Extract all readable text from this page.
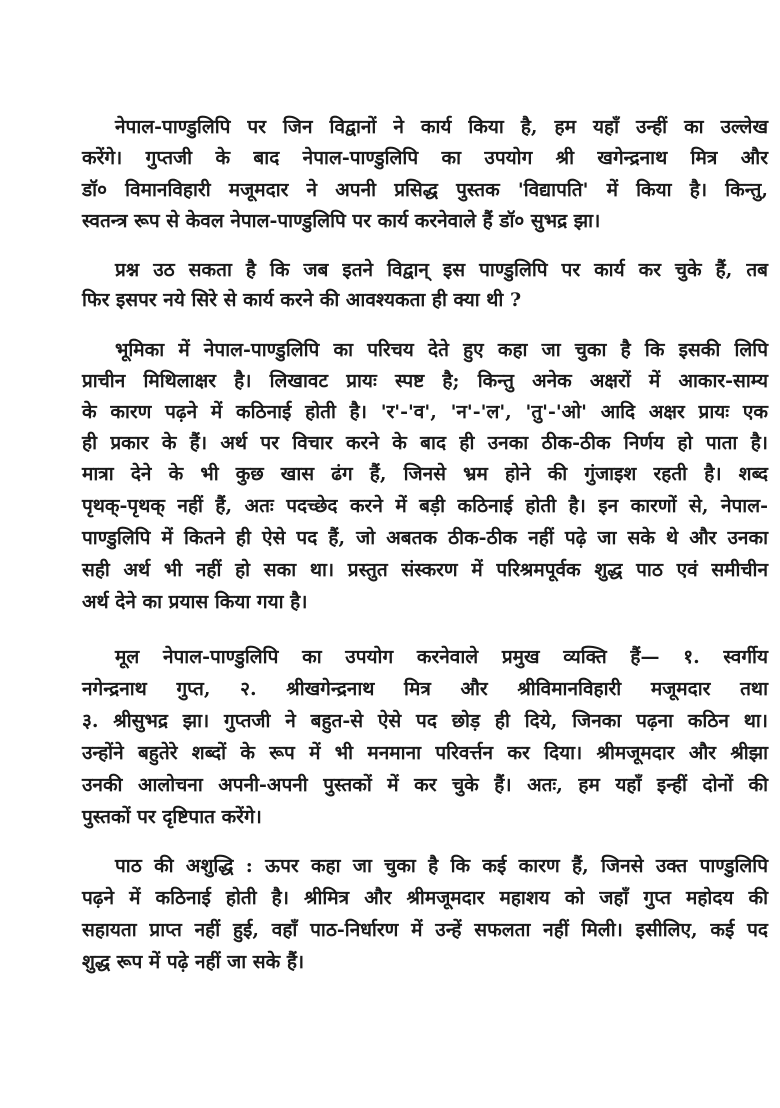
नेपाल-पाण्डुलिपि पर जिन विद्वानों ने कार्य किया है, हम यहाँ उन्हीं का उल्लेख
करेंगे। गुप्तजी के बाद नेपाल-पाण्डुलिपि का उपयोग श्री खगेन्द्रनाथ मित्र और
डॉ० विमानविहारी मजूमदार ने अपनी प्रसिद्ध पुस्तक 'विद्यापति' में किया है। किन्तु,
स्वतन्त्र रूप से केवल नेपाल-पाण्डुलिपि पर कार्य करनेवाले हैं डॉ० सुभद्र झा।
प्रश्न उठ सकता है कि जब इतने विद्वान् इस पाण्डुलिपि पर कार्य कर चुके हैं, तब
फिर इसपर नये सिरे से कार्य करने की आवश्यकता ही क्या थी ?
भूमिका में नेपाल-पाण्डुलिपि का परिचय देते हुए कहा जा चुका है कि इसकी लिपि
प्राचीन मिथिलाक्षर है। लिखावट प्रायः स्पष्ट है; किन्तु अनेक अक्षरों में आकार-साम्य
के कारण पढ़ने में कठिनाई होती है। 'र'-'व', 'न'-'ल', 'तु'-'ओ' आदि अक्षर प्रायः एक
ही प्रकार के हैं। अर्थ पर विचार करने के बाद ही उनका ठीक-ठीक निर्णय हो पाता है।
मात्रा देने के भी कुछ खास ढंग हैं, जिनसे भ्रम होने की गुंजाइश रहती है। शब्द
पृथक्-पृथक् नहीं हैं, अतः पदच्छेद करने में बड़ी कठिनाई होती है। इन कारणों से, नेपाल-
पाण्डुलिपि में कितने ही ऐसे पद हैं, जो अबतक ठीक-ठीक नहीं पढ़े जा सके थे और उनका
सही अर्थ भी नहीं हो सका था। प्रस्तुत संस्करण में परिश्रमपूर्वक शुद्ध पाठ एवं समीचीन
अर्थ देने का प्रयास किया गया है।
मूल नेपाल-पाण्डुलिपि का उपयोग करनेवाले प्रमुख व्यक्ति हैं— १. स्वर्गीय
नगेन्द्रनाथ गुप्त, २. श्रीखगेन्द्रनाथ मित्र और श्रीविमानविहारी मजूमदार तथा
३. श्रीसुभद्र झा। गुप्तजी ने बहुत-से ऐसे पद छोड़ ही दिये, जिनका पढ़ना कठिन था।
उन्होंने बहुतेरे शब्दों के रूप में भी मनमाना परिवर्त्तन कर दिया। श्रीमजूमदार और श्रीझा
उनकी आलोचना अपनी-अपनी पुस्तकों में कर चुके हैं। अतः, हम यहाँ इन्हीं दोनों की
पुस्तकों पर दृष्टिपात करेंगे।
पाठ की अशुद्धि : ऊपर कहा जा चुका है कि कई कारण हैं, जिनसे उक्त पाण्डुलिपि
पढ़ने में कठिनाई होती है। श्रीमित्र और श्रीमजूमदार महाशय को जहाँ गुप्त महोदय की
सहायता प्राप्त नहीं हुई, वहाँ पाठ-निर्धारण में उन्हें सफलता नहीं मिली। इसीलिए, कई पद
शुद्ध रूप में पढ़े नहीं जा सके हैं।
